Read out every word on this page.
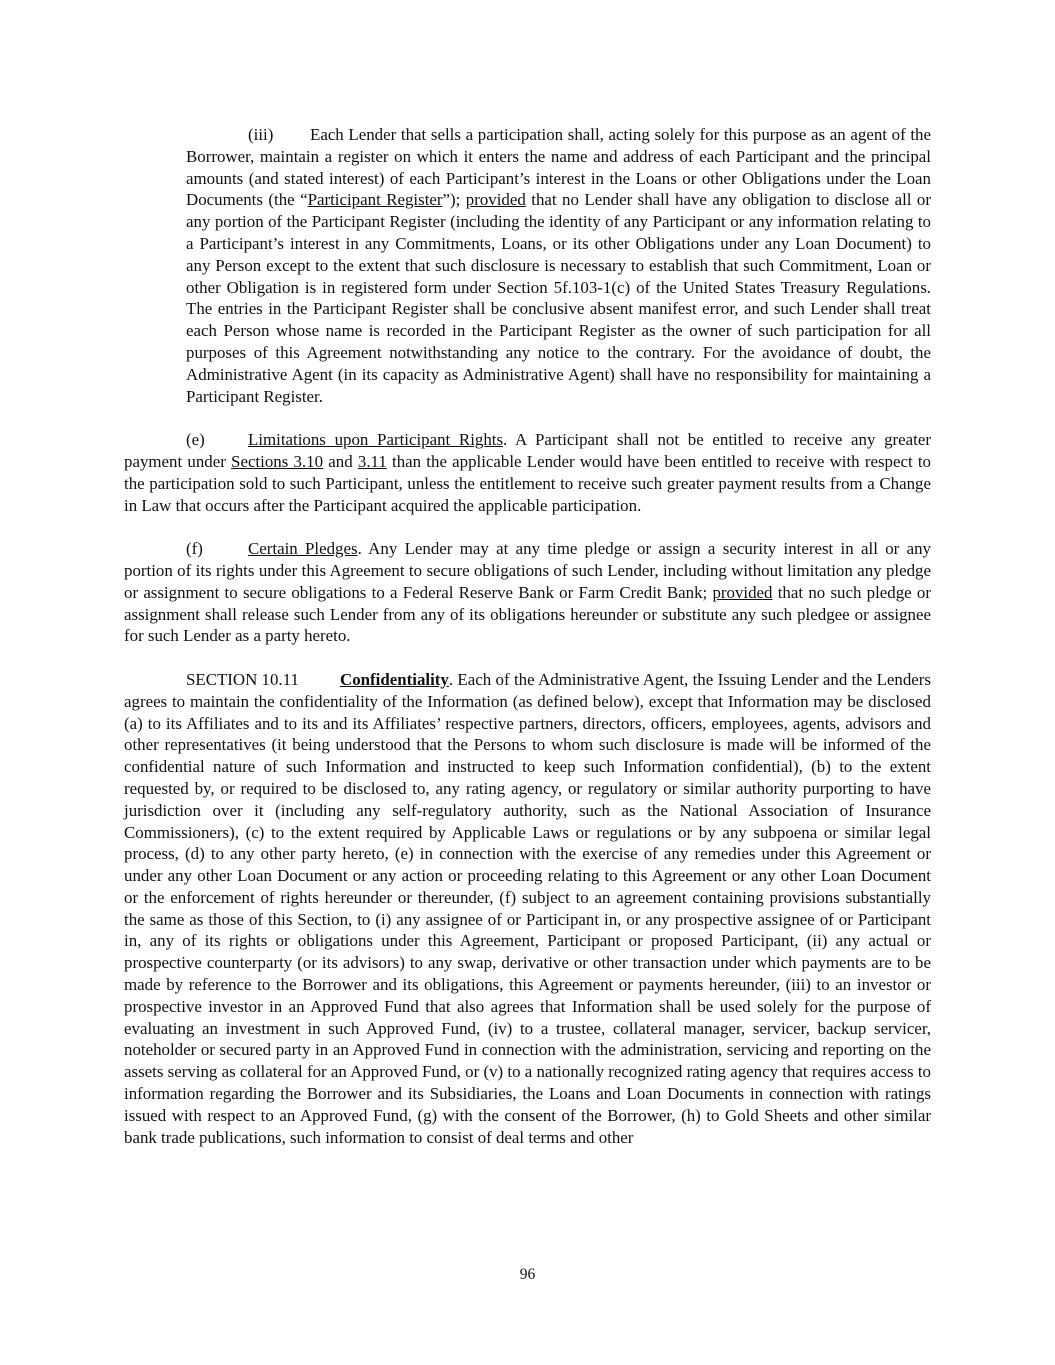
(iii) Each Lender that sells a participation shall, acting solely for this purpose as an agent of the Borrower, maintain a register on which it enters the name and address of each Participant and the principal amounts (and stated interest) of each Participant’s interest in the Loans or other Obligations under the Loan Documents (the “Participant Register”); provided that no Lender shall have any obligation to disclose all or any portion of the Participant Register (including the identity of any Participant or any information relating to a Participant’s interest in any Commitments, Loans, or its other Obligations under any Loan Document) to any Person except to the extent that such disclosure is necessary to establish that such Commitment, Loan or other Obligation is in registered form under Section 5f.103-1(c) of the United States Treasury Regulations. The entries in the Participant Register shall be conclusive absent manifest error, and such Lender shall treat each Person whose name is recorded in the Participant Register as the owner of such participation for all purposes of this Agreement notwithstanding any notice to the contrary. For the avoidance of doubt, the Administrative Agent (in its capacity as Administrative Agent) shall have no responsibility for maintaining a Participant Register.

(e)	Limitations upon Participant Rights. A Participant shall not be entitled to receive any greater payment under Sections 3.10 and 3.11 than the applicable Lender would have been entitled to receive with respect to the participation sold to such Participant, unless the entitlement to receive such greater payment results from a Change in Law that occurs after the Participant acquired the applicable participation.

(f)	Certain Pledges. Any Lender may at any time pledge or assign a security interest in all or any portion of its rights under this Agreement to secure obligations of such Lender, including without limitation any pledge or assignment to secure obligations to a Federal Reserve Bank or Farm Credit Bank; provided that no such pledge or assignment shall release such Lender from any of its obligations hereunder or substitute any such pledgee or assignee for such Lender as a party hereto.

SECTION 10.11 Confidentiality. Each of the Administrative Agent, the Issuing Lender and the Lenders agrees to maintain the confidentiality of the Information (as defined below), except that Information may be disclosed (a) to its Affiliates and to its and its Affiliates’ respective partners, directors, officers, employees, agents, advisors and other representatives (it being understood that the Persons to whom such disclosure is made will be informed of the confidential nature of such Information and instructed to keep such Information confidential), (b) to the extent requested by, or required to be disclosed to, any rating agency, or regulatory or similar authority purporting to have jurisdiction over it (including any self-regulatory authority, such as the National Association of Insurance Commissioners), (c) to the extent required by Applicable Laws or regulations or by any subpoena or similar legal process, (d) to any other party hereto, (e) in connection with the exercise of any remedies under this Agreement or under any other Loan Document or any action or proceeding relating to this Agreement or any other Loan Document or the enforcement of rights hereunder or thereunder, (f) subject to an agreement containing provisions substantially the same as those of this Section, to (i) any assignee of or Participant in, or any prospective assignee of or Participant in, any of its rights or obligations under this Agreement, Participant or proposed Participant, (ii) any actual or prospective counterparty (or its advisors) to any swap, derivative or other transaction under which payments are to be made by reference to the Borrower and its obligations, this Agreement or payments hereunder, (iii) to an investor or prospective investor in an Approved Fund that also agrees that Information shall be used solely for the purpose of evaluating an investment in such Approved Fund, (iv) to a trustee, collateral manager, servicer, backup servicer, noteholder or secured party in an Approved Fund in connection with the administration, servicing and reporting on the assets serving as collateral for an Approved Fund, or (v) to a nationally recognized rating agency that requires access to information regarding the Borrower and its Subsidiaries, the Loans and Loan Documents in connection with ratings issued with respect to an Approved Fund, (g) with the consent of the Borrower, (h) to Gold Sheets and other similar bank trade publications, such information to consist of deal terms and other

96
